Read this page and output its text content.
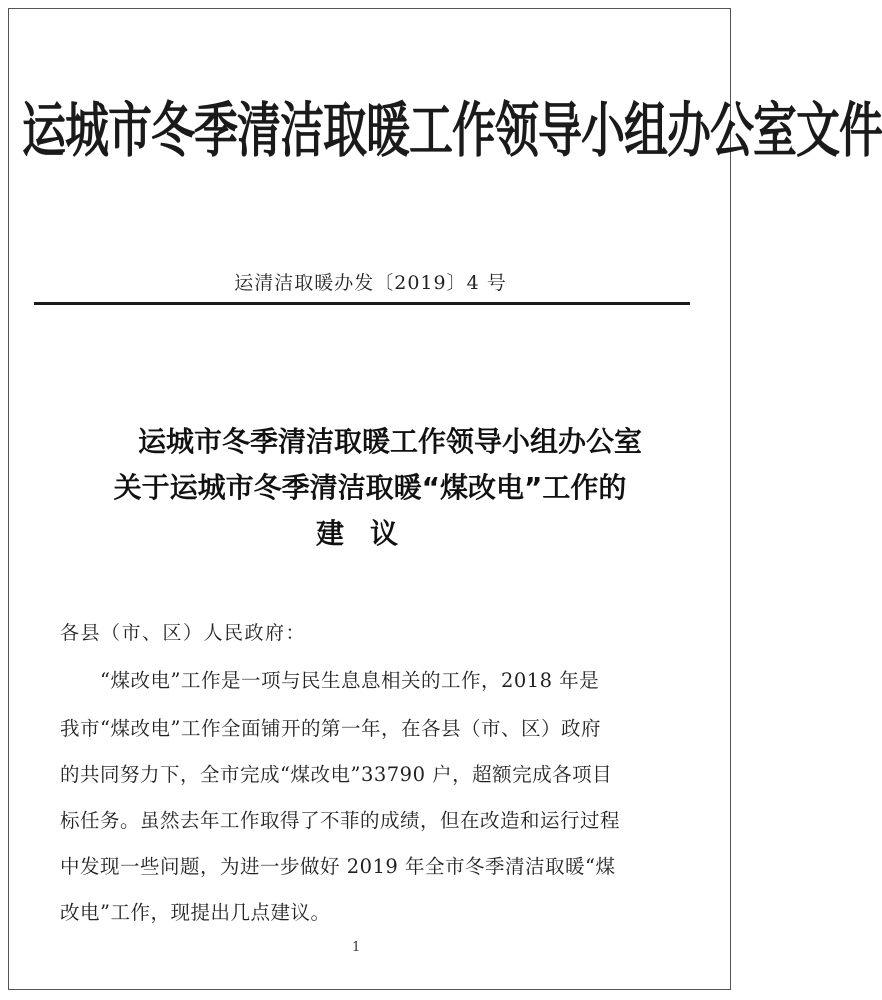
运城市冬季清洁取暖工作领导小组办公室文件
运清洁取暖办发〔2019〕4 号
运城市冬季清洁取暖工作领导小组办公室
关于运城市冬季清洁取暖“煤改电”工作的
建议
各县（市、区）人民政府：
“煤改电”工作是一项与民生息息相关的工作，2018 年是
我市“煤改电”工作全面铺开的第一年，在各县（市、区）政府
的共同努力下，全市完成“煤改电”33790 户，超额完成各项目
标任务。虽然去年工作取得了不菲的成绩，但在改造和运行过程
中发现一些问题，为进一步做好 2019 年全市冬季清洁取暖“煤
改电”工作，现提出几点建议。
1
